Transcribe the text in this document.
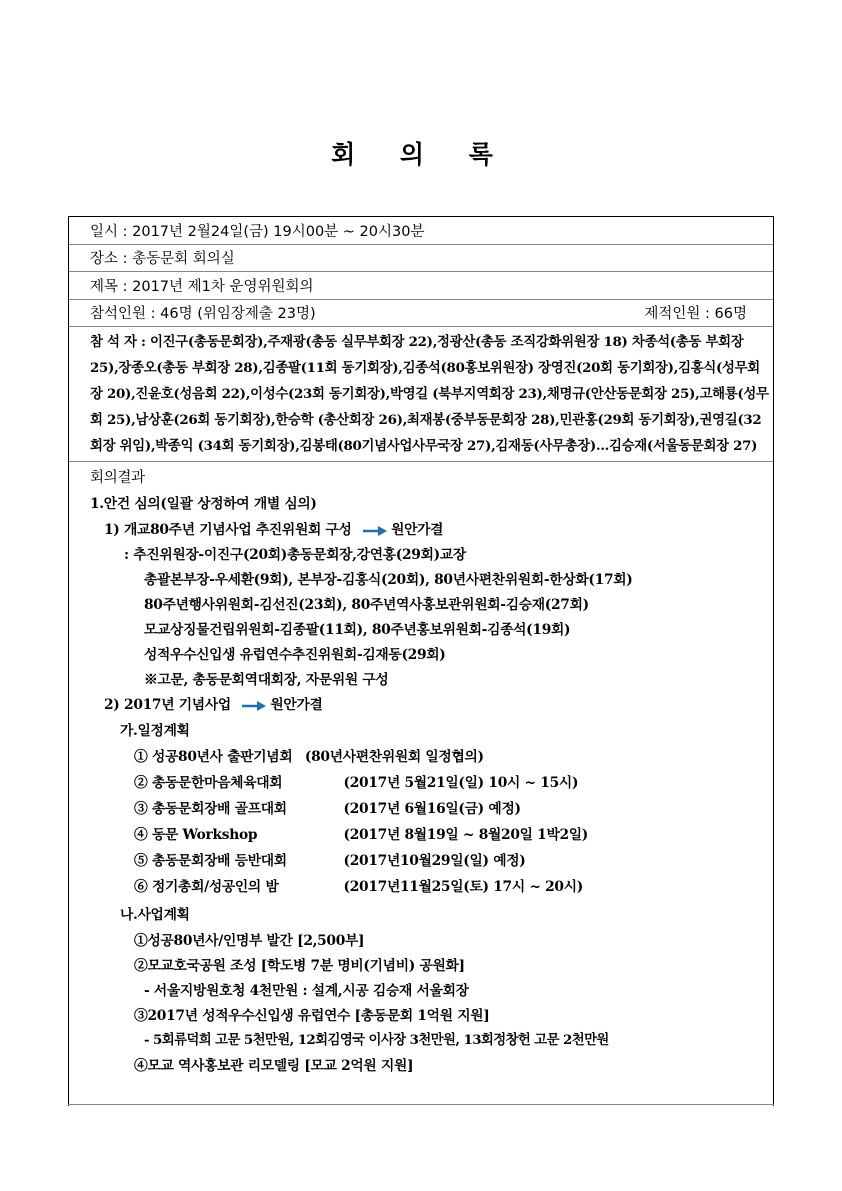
회 의 록
일시 : 2017년 2월24일(금) 19시00분 ~ 20시30분
장소 : 총동문회 회의실
제목 : 2017년 제1차 운영위원회의
참석인원 : 46명 (위임장제출 23명)	제적인원 : 66명
참 석 자 : 이진구(총동문회장),주재광(총동 실무부회장 22),정광산(총동 조직강화위원장 18) 차종석(총동 부회장 25),장종오(총동 부회장 28),김종팔(11회 동기회장),김종석(80홍보위원장) 장영진(20회 동기회장),김홍식(성무회장 20),진윤호(성음회 22),이성수(23회 동기회장),박영길 (북부지역회장 23),채명규(안산동문회장 25),고해룡(성무회 25),남상훈(26회 동기회장),한승학 (총산회장 26),최재봉(중부동문회장 28),민관홍(29회 동기회장),권영길(32회장 위임),박종익 (34회 동기회장),김봉태(80기념사업사무국장 27),김재동(사무총장)...김승재(서울동문회장 27)
회의결과
1.안건 심의(일괄 상정하여 개별 심의)
1) 개교80주년 기념사업 추진위원회 구성	원안가결
: 추진위원장-이진구(20회)총동문회장,강연홍(29회)교장
총괄본부장-우세환(9회), 본부장-김홍식(20회), 80년사편찬위원회-한상화(17회)
80주년행사위원회-김선진(23회), 80주년역사홍보관위원회-김승재(27회)
모교상징물건립위원회-김종팔(11회), 80주년홍보위원회-김종석(19회)
성적우수신입생 유럽연수추진위원회-김재동(29회)
※고문, 총동문회역대회장, 자문위원 구성
2) 2017년 기념사업	원안가결
가.일정계획
① 성공80년사 출판기념회 (80년사편찬위원회 일정협의)
② 총동문한마음체육대회	(2017년 5월21일(일) 10시 ~ 15시)
③ 총동문회장배 골프대회	(2017년 6월16일(금) 예정)
④ 동문 Workshop	(2017년 8월19일 ~ 8월20일 1박2일)
⑤ 총동문회장배 등반대회	(2017년10월29일(일) 예정)
⑥ 정기총회/성공인의 밤	(2017년11월25일(토) 17시 ~ 20시)
나.사업계획
①성공80년사/인명부 발간 [2,500부]
②모교호국공원 조성 [학도병 7분 명비(기념비) 공원화]
- 서울지방원호청 4천만원 : 설계,시공 김승재 서울회장
③2017년 성적우수신입생 유럽연수 [총동문회 1억원 지원]
- 5회류덕희 고문 5천만원, 12회김영국 이사장 3천만원, 13회정창헌 고문 2천만원
④모교 역사홍보관 리모델링 [모교 2억원 지원]
